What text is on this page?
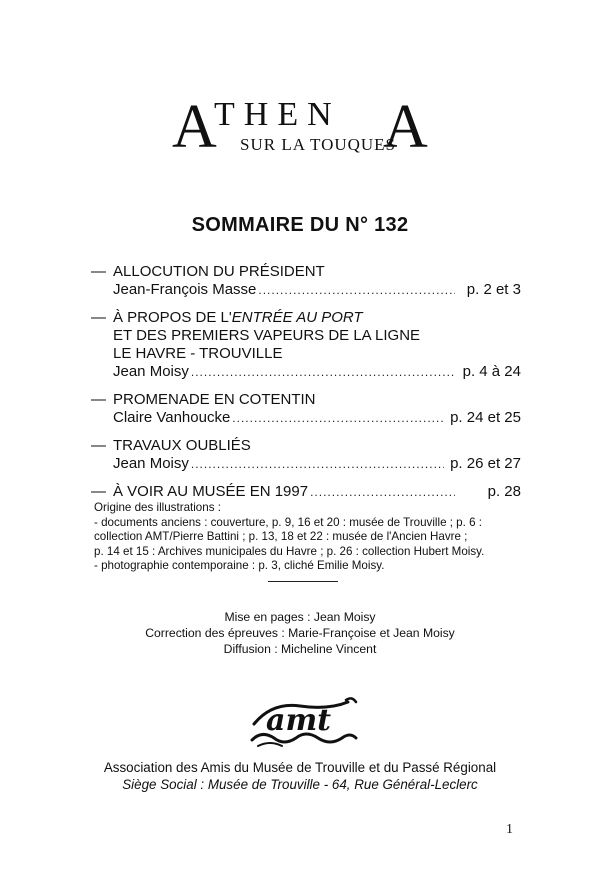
A
THEN A
SUR LA TOUQUES
SOMMAIRE DU N° 132
— ALLOCUTION DU PRÉSIDENT
Jean-François Masse .....	p. 2 et 3
— À PROPOS DE L'ENTRÉE AU PORT
ET DES PREMIERS VAPEURS DE LA LIGNE
LE HAVRE - TROUVILLE
Jean Moisy .....	p. 4 à 24
— PROMENADE EN COTENTIN
Claire Vanhoucke .....	p. 24 et 25
— TRAVAUX OUBLIÉS
Jean Moisy .....	p. 26 et 27
— À VOIR AU MUSÉE EN 1997 .....	p. 28
Origine des illustrations :
- documents anciens : couverture, p. 9, 16 et 20 : musée de Trouville ; p. 6 :
collection AMT/Pierre Battini ; p. 13, 18 et 22 : musée de l'Ancien Havre ;
p. 14 et 15 : Archives municipales du Havre ; p. 26 : collection Hubert Moisy.
- photographie contemporaine : p. 3, cliché Emilie Moisy.
Mise en pages : Jean Moisy
Correction des épreuves : Marie-Françoise et Jean Moisy
Diffusion : Micheline Vincent
amt
Association des Amis du Musée de Trouville et du Passé Régional
Siège Social : Musée de Trouville - 64, Rue Général-Leclerc
1
